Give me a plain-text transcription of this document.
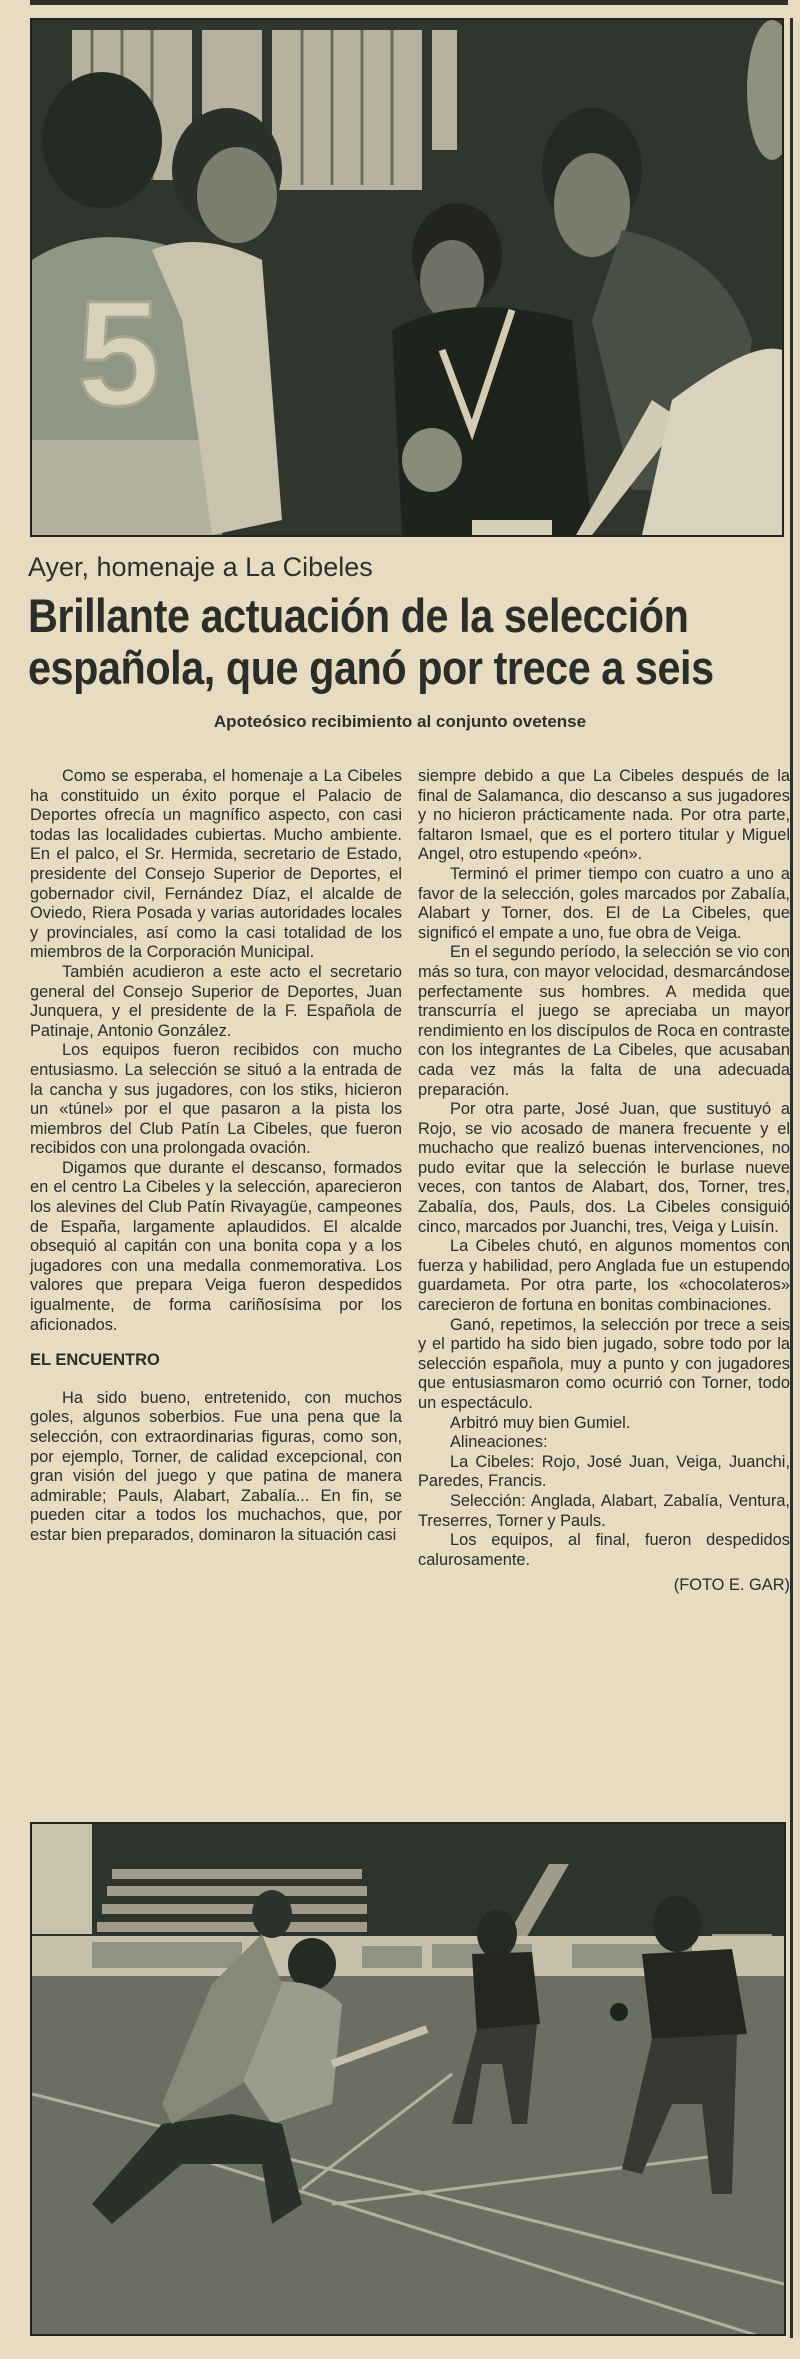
5
Ayer, homenaje a La Cibeles
Brillante actuación de la selección
española, que ganó por trece a seis
Apoteósico recibimiento al conjunto ovetense

Como se esperaba, el homenaje a La Cibeles ha constituido un éxito porque el Palacio de Deportes ofrecía un magnífico aspecto, con casi todas las localidades cubiertas. Mucho ambiente. En el palco, el Sr. Hermida, secretario de Estado, presidente del Consejo Superior de Deportes, el gobernador civil, Fernández Díaz, el alcalde de Oviedo, Riera Posada y varias autoridades locales y provinciales, así como la casi totalidad de los miembros de la Corporación Municipal.

También acudieron a este acto el secretario general del Consejo Superior de Deportes, Juan Junquera, y el presidente de la F. Española de Patinaje, Antonio González.

Los equipos fueron recibidos con mucho entusiasmo. La selección se situó a la entrada de la cancha y sus jugadores, con los stiks, hicieron un «túnel» por el que pasaron a la pista los miembros del Club Patín La Cibeles, que fueron recibidos con una prolongada ovación.

Digamos que durante el descanso, formados en el centro La Cibeles y la selección, aparecieron los alevines del Club Patín Rivayagüe, campeones de España, largamente aplaudidos. El alcalde obsequió al capitán con una bonita copa y a los jugadores con una medalla conmemorativa. Los valores que prepara Veiga fueron despedidos igualmente, de forma cariñosísima por los aficionados.

EL ENCUENTRO

Ha sido bueno, entretenido, con muchos goles, algunos soberbios. Fue una pena que la selección, con extraordinarias figuras, como son, por ejemplo, Torner, de calidad excepcional, con gran visión del juego y que patina de manera admirable; Pauls, Alabart, Zabalía... En fin, se pueden citar a todos los muchachos, que, por estar bien preparados, dominaron la situación casi

siempre debido a que La Cibeles después de la final de Salamanca, dio descanso a sus jugadores y no hicieron prácticamente nada. Por otra parte, faltaron Ismael, que es el portero titular y Miguel Angel, otro estupendo «peón».

Terminó el primer tiempo con cuatro a uno a favor de la selección, goles marcados por Zabalía, Alabart y Torner, dos. El de La Cibeles, que significó el empate a uno, fue obra de Veiga.

En el segundo período, la selección se vio con más so tura, con mayor velocidad, desmarcándose perfectamente sus hombres. A medida que transcurría el juego se apreciaba un mayor rendimiento en los discípulos de Roca en contraste con los integrantes de La Cibeles, que acusaban cada vez más la falta de una adecuada preparación.

Por otra parte, José Juan, que sustituyó a Rojo, se vio acosado de manera frecuente y el muchacho que realizó buenas intervenciones, no pudo evitar que la selección le burlase nueve veces, con tantos de Alabart, dos, Torner, tres, Zabalía, dos, Pauls, dos. La Cibeles consiguió cinco, marcados por Juanchi, tres, Veiga y Luisín.

La Cibeles chutó, en algunos momentos con fuerza y habilidad, pero Anglada fue un estupendo guardameta. Por otra parte, los «chocolateros» carecieron de fortuna en bonitas combinaciones.

Ganó, repetimos, la selección por trece a seis y el partido ha sido bien jugado, sobre todo por la selección española, muy a punto y con jugadores que entusiasmaron como ocurrió con Torner, todo un espectáculo.

Arbitró muy bien Gumiel.

Alineaciones:

La Cibeles: Rojo, José Juan, Veiga, Juanchi, Paredes, Francis.

Selección: Anglada, Alabart, Zabalía, Ventura, Treserres, Torner y Pauls.

Los equipos, al final, fueron despedidos calurosamente.

(FOTO E. GAR)
